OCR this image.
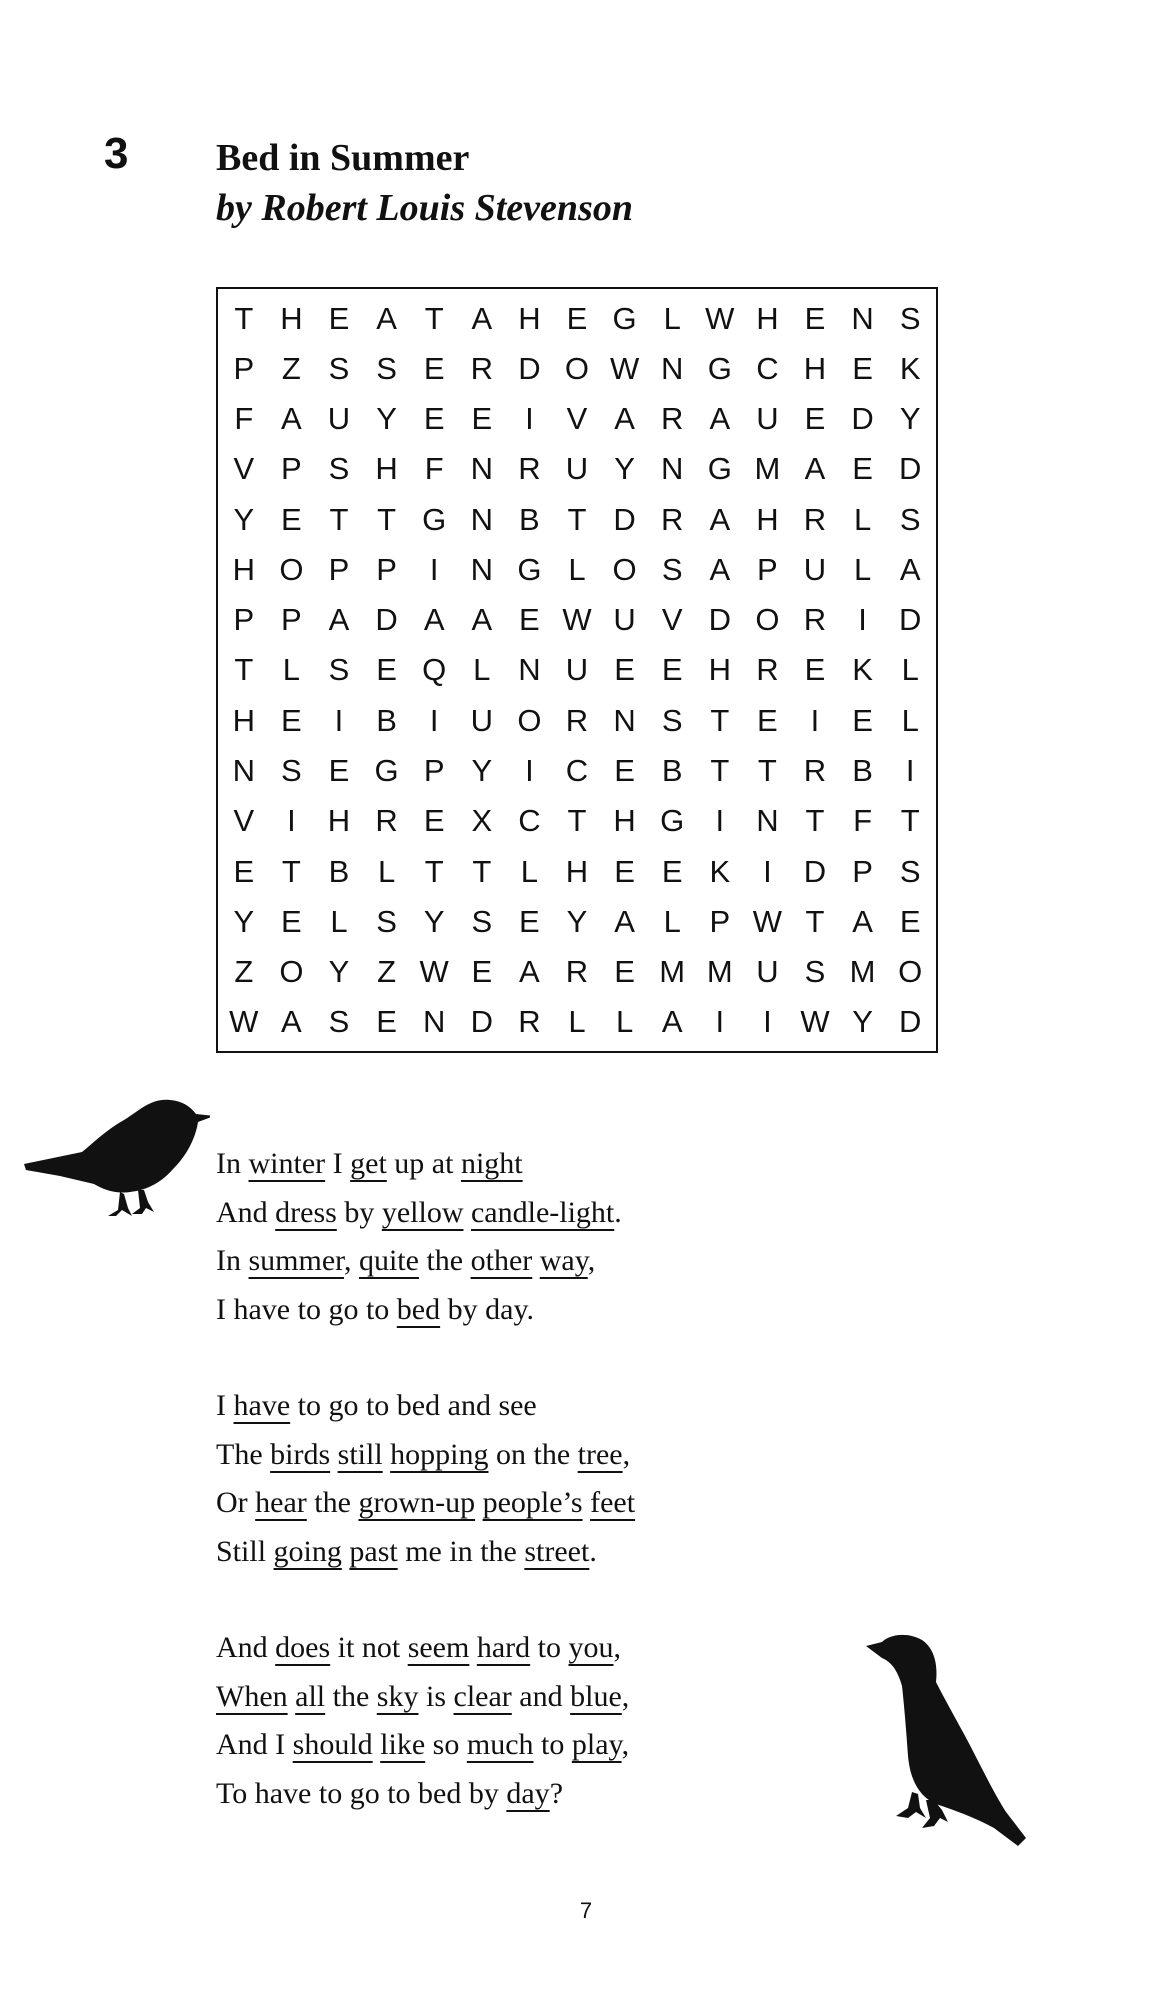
3 Bed in Summer
by Robert Louis Stevenson
T H E A T A H E G L W H E N S
P Z S S E R D O W N G C H E K
F A U Y E E	I	V A R A U E D Y
V P S H F N R U Y N G M A E D
Y E T T G N B T D R A H R L S
H O P P	I	N G L O S A P U L A
P P A D A A E W U V D O R	I	D
T L S E Q L N U E E H R E K L
H E	I	B	I	U O R N S T E	I	E L
N S E G P Y	I	C E B T T R B	I
V	I	H R E X C T H G	I	N T F T
E T B L T T L H E E K	I	D P S
Y E L S Y S E Y A L P W T A E
Z O Y Z W E A R E M M U S M O
W A S E N D R L L A	I	I W Y D
In winter I get up at night
And dress by yellow candle-light.
In summer, quite the other way,
I have to go to bed by day.
I have to go to bed and see
The birds still hopping on the tree,
Or hear the grown-up people’s feet
Still going past me in the street.
And does it not seem hard to you,
When all the sky is clear and blue,
And I should like so much to play,
To have to go to bed by day?
7
